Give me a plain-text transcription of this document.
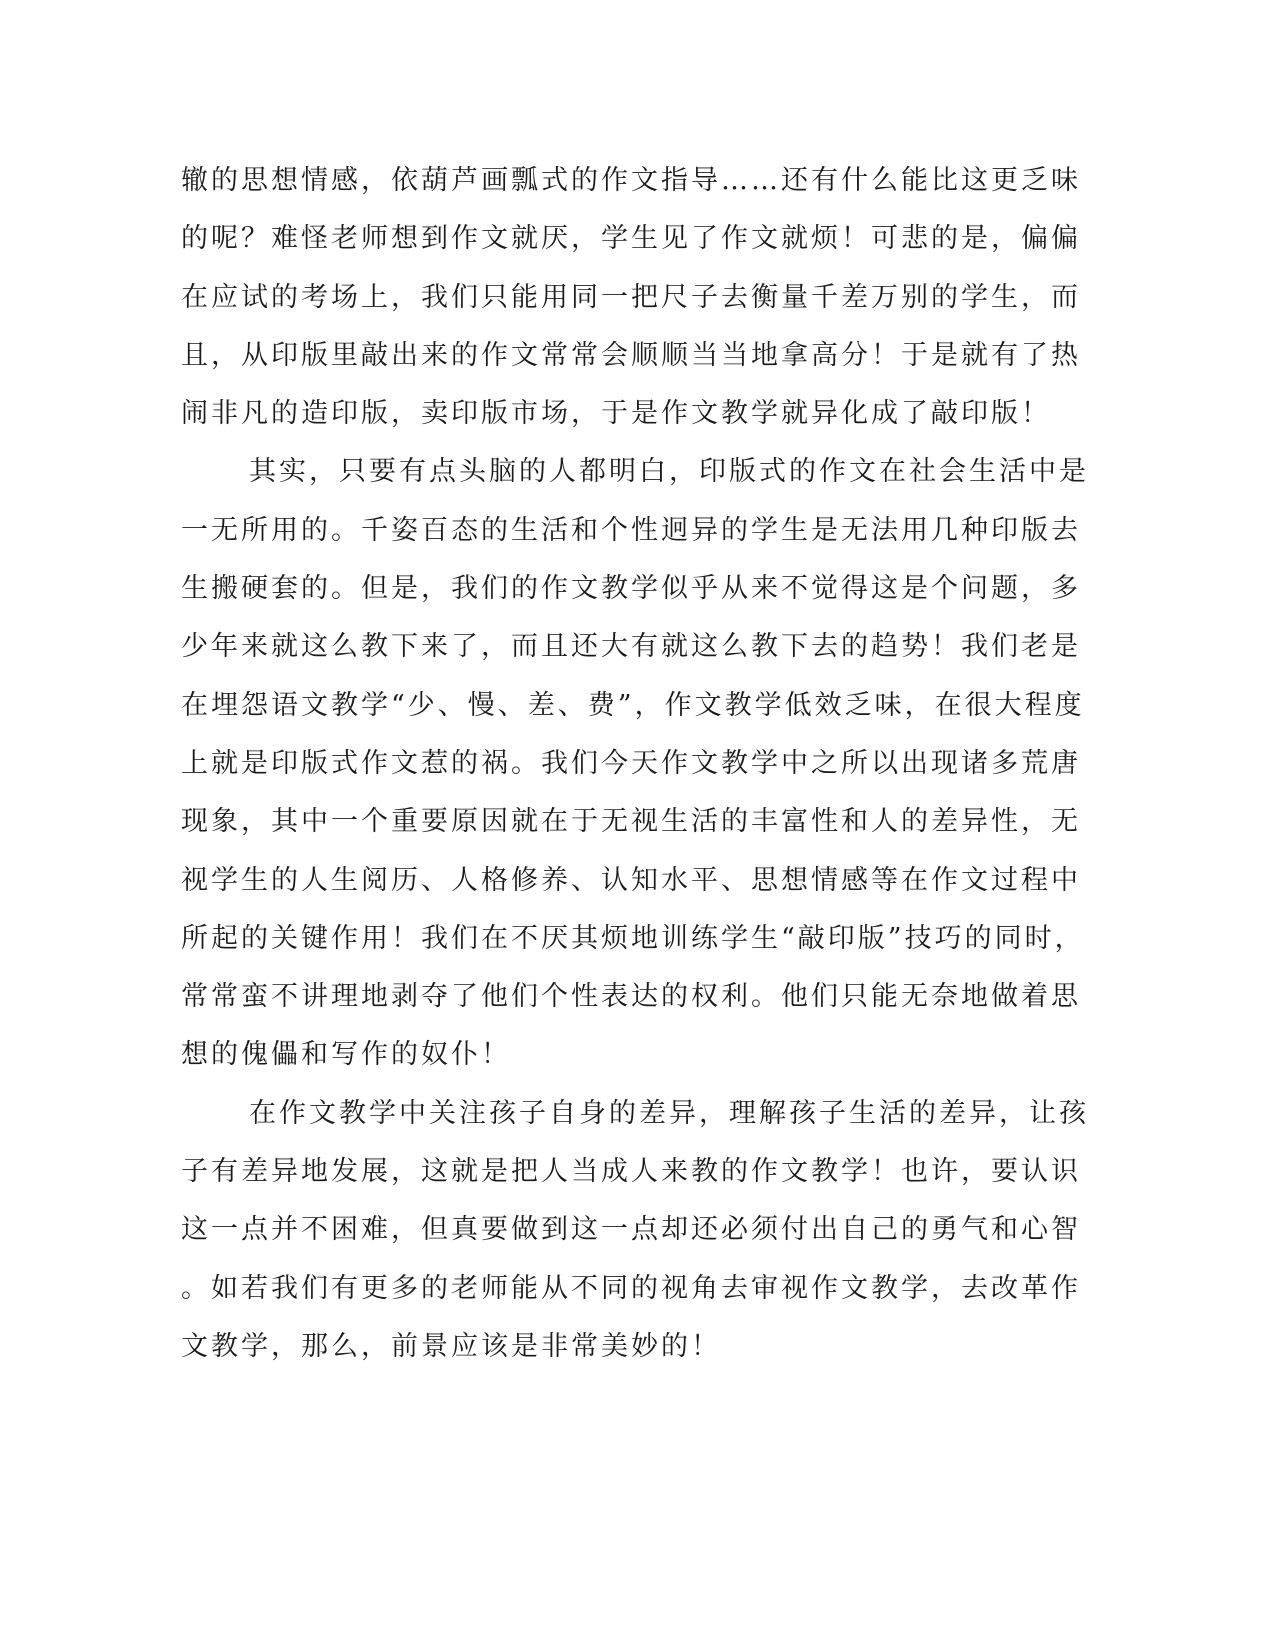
辙的思想情感，依葫芦画瓢式的作文指导……还有什么能比这更乏味
的呢？难怪老师想到作文就厌，学生见了作文就烦！可悲的是，偏偏
在应试的考场上，我们只能用同一把尺子去衡量千差万别的学生，而
且，从印版里敲出来的作文常常会顺顺当当地拿高分！于是就有了热
闹非凡的造印版，卖印版市场，于是作文教学就异化成了敲印版！
其实，只要有点头脑的人都明白，印版式的作文在社会生活中是
一无所用的。千姿百态的生活和个性迥异的学生是无法用几种印版去
生搬硬套的。但是，我们的作文教学似乎从来不觉得这是个问题，多
少年来就这么教下来了，而且还大有就这么教下去的趋势！我们老是
在埋怨语文教学“少、慢、差、费”，作文教学低效乏味，在很大程度
上就是印版式作文惹的祸。我们今天作文教学中之所以出现诸多荒唐
现象，其中一个重要原因就在于无视生活的丰富性和人的差异性，无
视学生的人生阅历、人格修养、认知水平、思想情感等在作文过程中
所起的关键作用！我们在不厌其烦地训练学生“敲印版”技巧的同时，
常常蛮不讲理地剥夺了他们个性表达的权利。他们只能无奈地做着思
想的傀儡和写作的奴仆！
在作文教学中关注孩子自身的差异，理解孩子生活的差异，让孩
子有差异地发展，这就是把人当成人来教的作文教学！也许，要认识
这一点并不困难，但真要做到这一点却还必须付出自己的勇气和心智
。如若我们有更多的老师能从不同的视角去审视作文教学，去改革作
文教学，那么，前景应该是非常美妙的！
